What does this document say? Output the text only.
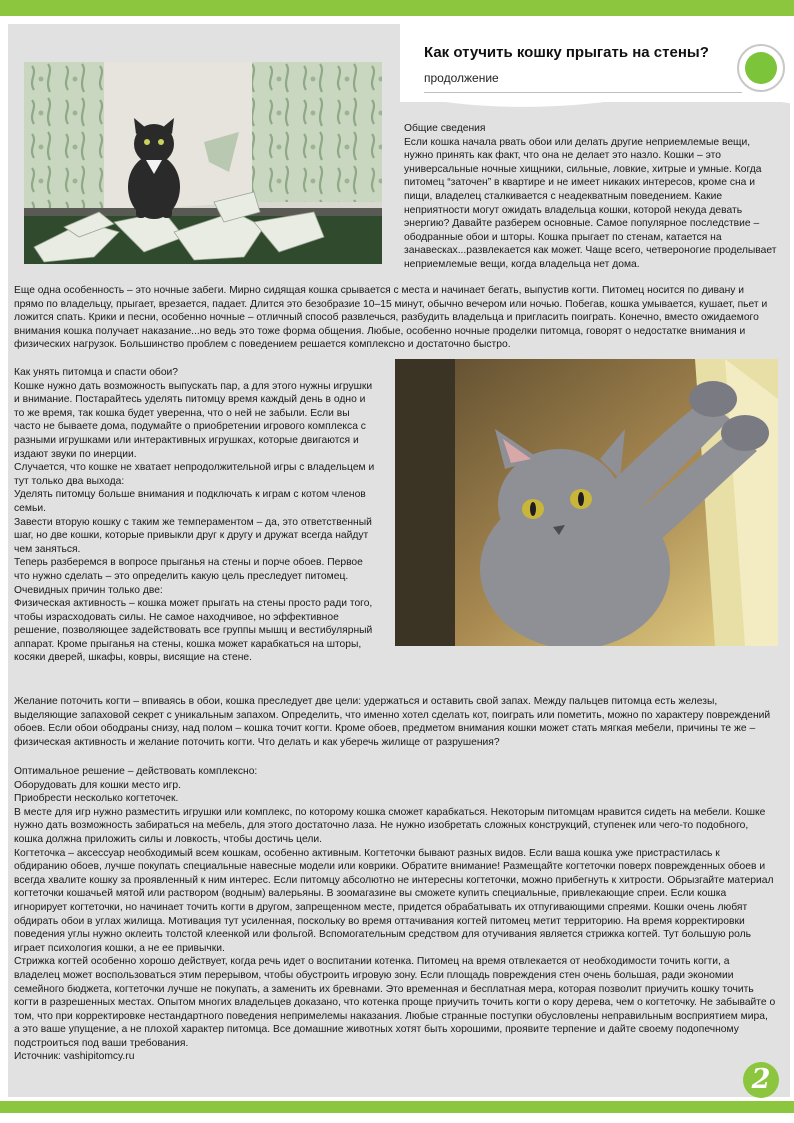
Как отучить кошку прыгать на стены?
продолжение

Общие сведения

Если кошка начала рвать обои или делать другие неприемлемые вещи, нужно принять как факт, что она не делает это назло. Кошки – это универсальные ночные хищники, сильные, ловкие, хитрые и умные. Когда питомец “заточен” в квартире и не имеет никаких интересов, кроме сна и пищи, владелец сталкивается с неадекватным поведением. Какие неприятности могут ожидать владельца кошки, которой некуда девать энергию? Давайте разберем основные. Самое популярное последствие – ободранные обои и шторы. Кошка прыгает по стенам, катается на занавесках...развлекается как может. Чаще всего, четвероногие проделывает неприемлемые вещи, когда владельца нет дома.

Еще одна особенность – это ночные забеги. Мирно сидящая кошка срывается с места и начинает бегать, выпустив когти. Питомец носится по дивану и прямо по владельцу, прыгает, врезается, падает. Длится это безобразие 10–15 минут, обычно вечером или ночью. Побегав, кошка умывается, кушает, пьет и ложится спать. Крики и песни, особенно ночные – отличный способ развлечься, разбудить владельца и пригласить поиграть. Конечно, вместо ожидаемого внимания кошка получает наказание...но ведь это тоже форма общения. Любые, особенно ночные проделки питомца, говорят о недостатке внимания и физических нагрузок. Большинство проблем с поведением решается комплексно и достаточно быстро.

Как унять питомца и спасти обои?

Кошке нужно дать возможность выпускать пар, а для этого нужны игрушки и внимание. Постарайтесь уделять питомцу время каждый день в одно и то же время, так кошка будет уверенна, что о ней не забыли. Если вы часто не бываете дома, подумайте о приобретении игрового комплекса с разными игрушками или интерактивных игрушках, которые двигаются и издают звуки по инерции.

Случается, что кошке не хватает непродолжительной игры с владельцем и тут только два выхода:

Уделять питомцу больше внимания и подключать к играм с котом членов семьи.

Завести вторую кошку с таким же темпераментом – да, это ответственный шаг, но две кошки, которые привыкли друг к другу и дружат всегда найдут чем заняться.

Теперь разберемся в вопросе прыганья на стены и порче обоев. Первое что нужно сделать – это определить какую цель преследует питомец. Очевидных причин только две:

Физическая активность – кошка может прыгать на стены просто ради того, чтобы израсходовать силы. Не самое находчивое, но эффективное решение, позволяющее задействовать все группы мышц и вестибулярный аппарат. Кроме прыганья на стены, кошка может карабкаться на шторы, косяки дверей, шкафы, ковры, висящие на стене.

Желание поточить когти – впиваясь в обои, кошка преследует две цели: удержаться и оставить свой запах. Между пальцев питомца есть железы, выделяющие запаховой секрет с уникальным запахом. Определить, что именно хотел сделать кот, поиграть или пометить, можно по характеру повреждений обоев. Если обои ободраны снизу, над полом – кошка точит когти. Кроме обоев, предметом внимания кошки может стать мягкая мебели, причины те же – физическая активность и желание поточить когти. Что делать и как уберечь жилище от разрушения?

Оптимальное решение – действовать комплексно:

Оборудовать для кошки место игр.

Приобрести несколько когтеточек.

В месте для игр нужно разместить игрушки или комплекс, по которому кошка сможет карабкаться. Некоторым питомцам нравится сидеть на мебели. Кошке нужно дать возможность забираться на мебель, для этого достаточно лаза. Не нужно изобретать сложных конструкций, ступенек или чего-то подобного, кошка должна приложить силы и ловкость, чтобы достичь цели.

Когтеточка – аксессуар необходимый всем кошкам, особенно активным. Когтеточки бывают разных видов. Если ваша кошка уже пристрастилась к обдиранию обоев, лучше покупать специальные навесные модели или коврики. Обратите внимание! Размещайте когтеточки поверх поврежденных обоев и всегда хвалите кошку за проявленный к ним интерес. Если питомцу абсолютно не интересны когтеточки, можно прибегнуть к хитрости. Обрызгайте материал когтеточки кошачьей мятой или раствором (водным) валерьяны. В зоомагазине вы сможете купить специальные, привлекающие спреи. Если кошка игнорирует когтеточки, но начинает точить когти в другом, запрещенном месте, придется обрабатывать их отпугивающими спреями. Кошки очень любят обдирать обои в углах жилища. Мотивация тут усиленная, поскольку во время оттачивания когтей питомец метит территорию. На время корректировки поведения углы нужно оклеить толстой клеенкой или фольгой. Вспомогательным средством для отучивания является стрижка когтей. Тут большую роль играет психология кошки, а не ее привычки.

Стрижка когтей особенно хорошо действует, когда речь идет о воспитании котенка. Питомец на время отвлекается от необходимости точить когти, а владелец может воспользоваться этим перерывом, чтобы обустроить игровую зону. Если площадь повреждения стен очень большая, ради экономии семейного бюджета, когтеточки лучше не покупать, а заменить их бревнами. Это временная и бесплатная мера, которая позволит приучить кошку точить когти в разрешенных местах. Опытом многих владельцев доказано, что котенка проще приучить точить когти о кору дерева, чем о когтеточку. Не забывайте о том, что при корректировке нестандартного поведения непримелемы наказания. Любые странные поступки обусловлены неправильным восприятием мира, а это ваше упущение, а не плохой характер питомца. Все домашние животных хотят быть хорошими, проявите терпение и дайте своему подопечному подстроиться под ваши требования.

Источник: vashipitomcy.ru

2
